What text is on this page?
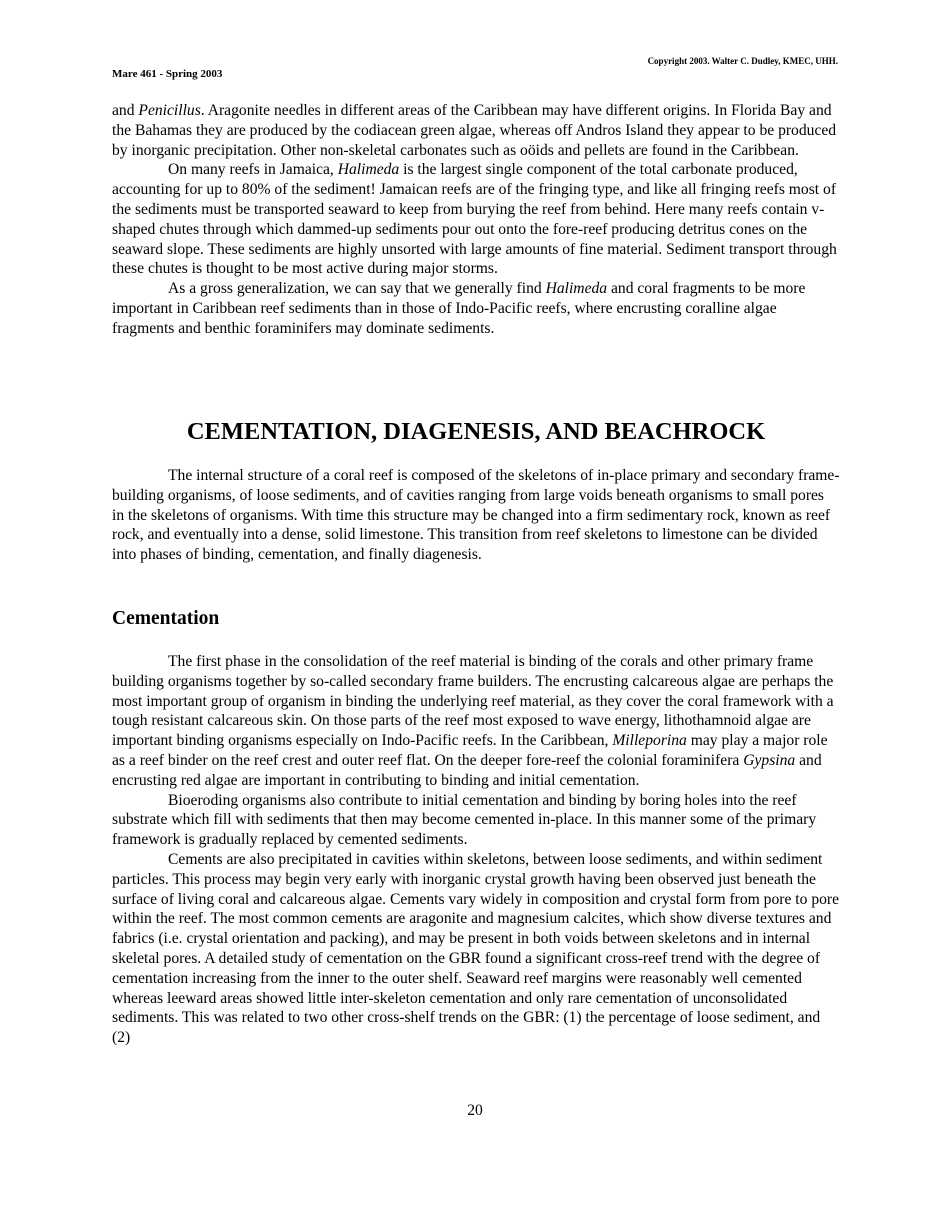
Copyright 2003. Walter C. Dudley, KMEC, UHH.
Mare 461 - Spring 2003

and Penicillus. Aragonite needles in different areas of the Caribbean may have different origins. In Florida Bay and the Bahamas they are produced by the codiacean green algae, whereas off Andros Island they appear to be produced by inorganic precipitation. Other non-skeletal carbonates such as oöids and pellets are found in the Caribbean.

On many reefs in Jamaica, Halimeda is the largest single component of the total carbonate produced, accounting for up to 80% of the sediment! Jamaican reefs are of the fringing type, and like all fringing reefs most of the sediments must be transported seaward to keep from burying the reef from behind. Here many reefs contain v-shaped chutes through which dammed-up sediments pour out onto the fore-reef producing detritus cones on the seaward slope. These sediments are highly unsorted with large amounts of fine material. Sediment transport through these chutes is thought to be most active during major storms.

As a gross generalization, we can say that we generally find Halimeda and coral fragments to be more important in Caribbean reef sediments than in those of Indo-Pacific reefs, where encrusting coralline algae fragments and benthic foraminifers may dominate sediments.

CEMENTATION, DIAGENESIS, AND BEACHROCK

The internal structure of a coral reef is composed of the skeletons of in-place primary and secondary frame-building organisms, of loose sediments, and of cavities ranging from large voids beneath organisms to small pores in the skeletons of organisms. With time this structure may be changed into a firm sedimentary rock, known as reef rock, and eventually into a dense, solid limestone. This transition from reef skeletons to limestone can be divided into phases of binding, cementation, and finally diagenesis.

Cementation

The first phase in the consolidation of the reef material is binding of the corals and other primary frame building organisms together by so-called secondary frame builders. The encrusting calcareous algae are perhaps the most important group of organism in binding the underlying reef material, as they cover the coral framework with a tough resistant calcareous skin. On those parts of the reef most exposed to wave energy, lithothamnoid algae are important binding organisms especially on Indo-Pacific reefs. In the Caribbean, Milleporina may play a major role as a reef binder on the reef crest and outer reef flat. On the deeper fore-reef the colonial foraminifera Gypsina and encrusting red algae are important in contributing to binding and initial cementation.

Bioeroding organisms also contribute to initial cementation and binding by boring holes into the reef substrate which fill with sediments that then may become cemented in-place. In this manner some of the primary framework is gradually replaced by cemented sediments.

Cements are also precipitated in cavities within skeletons, between loose sediments, and within sediment particles. This process may begin very early with inorganic crystal growth having been observed just beneath the surface of living coral and calcareous algae. Cements vary widely in composition and crystal form from pore to pore within the reef. The most common cements are aragonite and magnesium calcites, which show diverse textures and fabrics (i.e. crystal orientation and packing), and may be present in both voids between skeletons and in internal skeletal pores. A detailed study of cementation on the GBR found a significant cross-reef trend with the degree of cementation increasing from the inner to the outer shelf. Seaward reef margins were reasonably well cemented whereas leeward areas showed little inter-skeleton cementation and only rare cementation of unconsolidated sediments. This was related to two other cross-shelf trends on the GBR: (1) the percentage of loose sediment, and (2)

20
